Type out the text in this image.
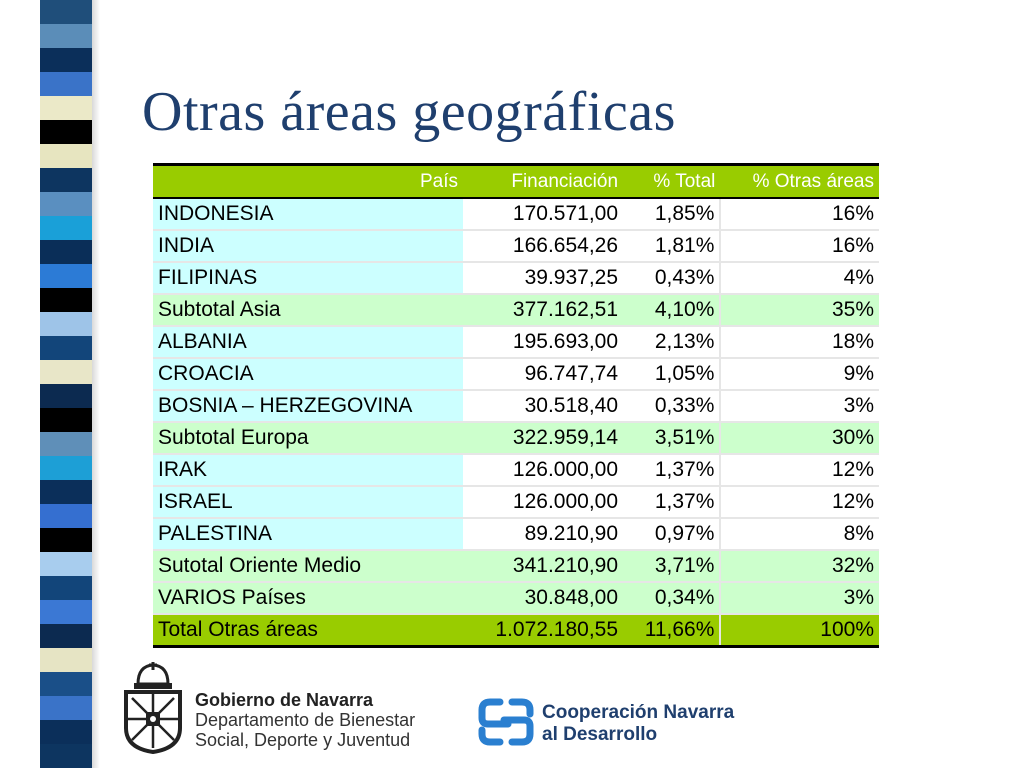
Otras áreas geográficas
País	Financiación	% Total	% Otras áreas
INDONESIA	170.571,00	1,85%	16%
INDIA	166.654,26	1,81%	16%
FILIPINAS	39.937,25	0,43%	4%
Subtotal Asia	377.162,51	4,10%	35%
ALBANIA	195.693,00	2,13%	18%
CROACIA	96.747,74	1,05%	9%
BOSNIA – HERZEGOVINA	30.518,40	0,33%	3%
Subtotal Europa	322.959,14	3,51%	30%
IRAK	126.000,00	1,37%	12%
ISRAEL	126.000,00	1,37%	12%
PALESTINA	89.210,90	0,97%	8%
Sutotal Oriente Medio	341.210,90	3,71%	32%
VARIOS Países	30.848,00	0,34%	3%
Total Otras áreas	1.072.180,55	11,66%	100%
Gobierno de Navarra
Departamento de Bienestar
Social, Deporte y Juventud
Cooperación Navarra
al Desarrollo
